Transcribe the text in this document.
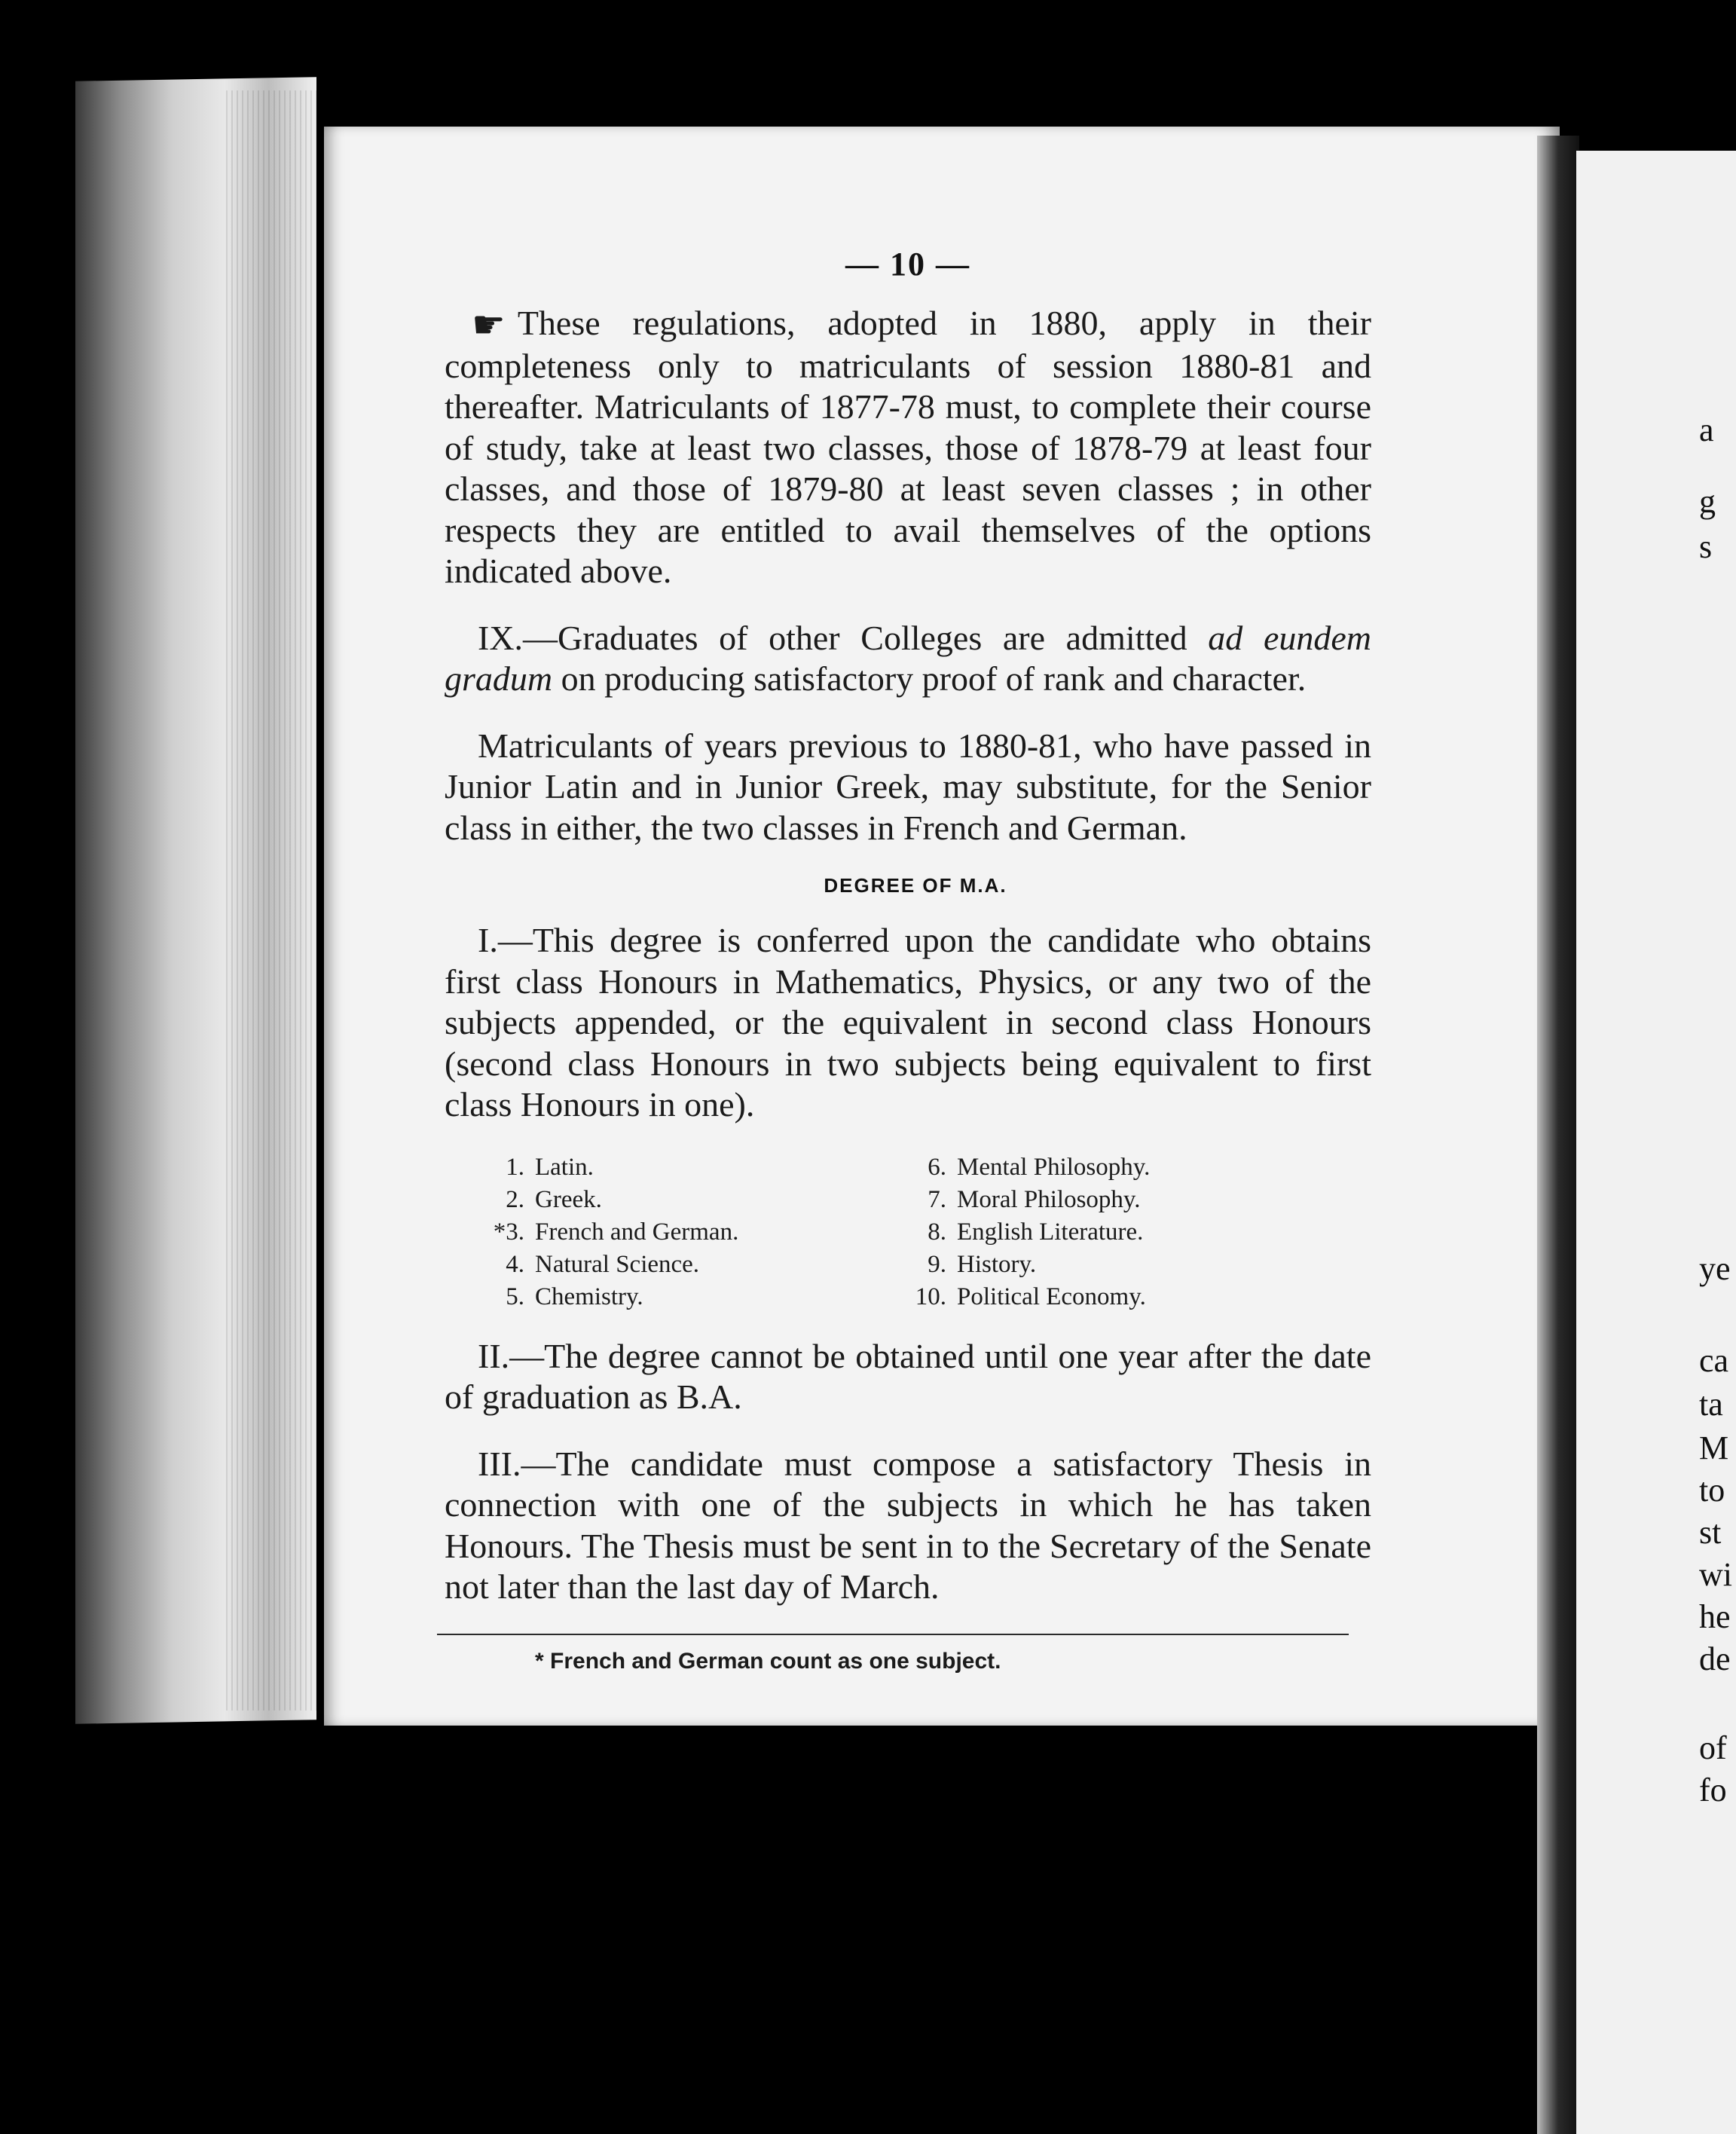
a
g
s
ye
ca
ta
M
to
st
wi
he
de
of
fo
— 10 —

☛ These regulations, adopted in 1880, apply in their completeness only to matriculants of session 1880-81 and thereafter. Matriculants of 1877-78 must, to complete their course of study, take at least two classes, those of 1878-79 at least four classes, and those of 1879-80 at least seven classes ; in other respects they are entitled to avail themselves of the options indicated above.

IX.—Graduates of other Colleges are admitted ad eundem gradum on producing satisfactory proof of rank and character.

Matriculants of years previous to 1880-81, who have passed in Junior Latin and in Junior Greek, may substitute, for the Senior class in either, the two classes in French and German.

DEGREE OF M.A.

I.—This degree is conferred upon the candidate who obtains first class Honours in Mathematics, Physics, or any two of the subjects appended, or the equivalent in second class Honours (second class Honours in two subjects being equivalent to first class Honours in one).

1. Latin.
2. Greek.
*3. French and German.
4. Natural Science.
5. Chemistry.
6. Mental Philosophy.
7. Moral Philosophy.
8. English Literature.
9. History.
10. Political Economy.

II.—The degree cannot be obtained until one year after the date of graduation as B.A.

III.—The candidate must compose a satisfactory Thesis in connection with one of the subjects in which he has taken Honours. The Thesis must be sent in to the Secretary of the Senate not later than the last day of March.

* French and German count as one subject.
